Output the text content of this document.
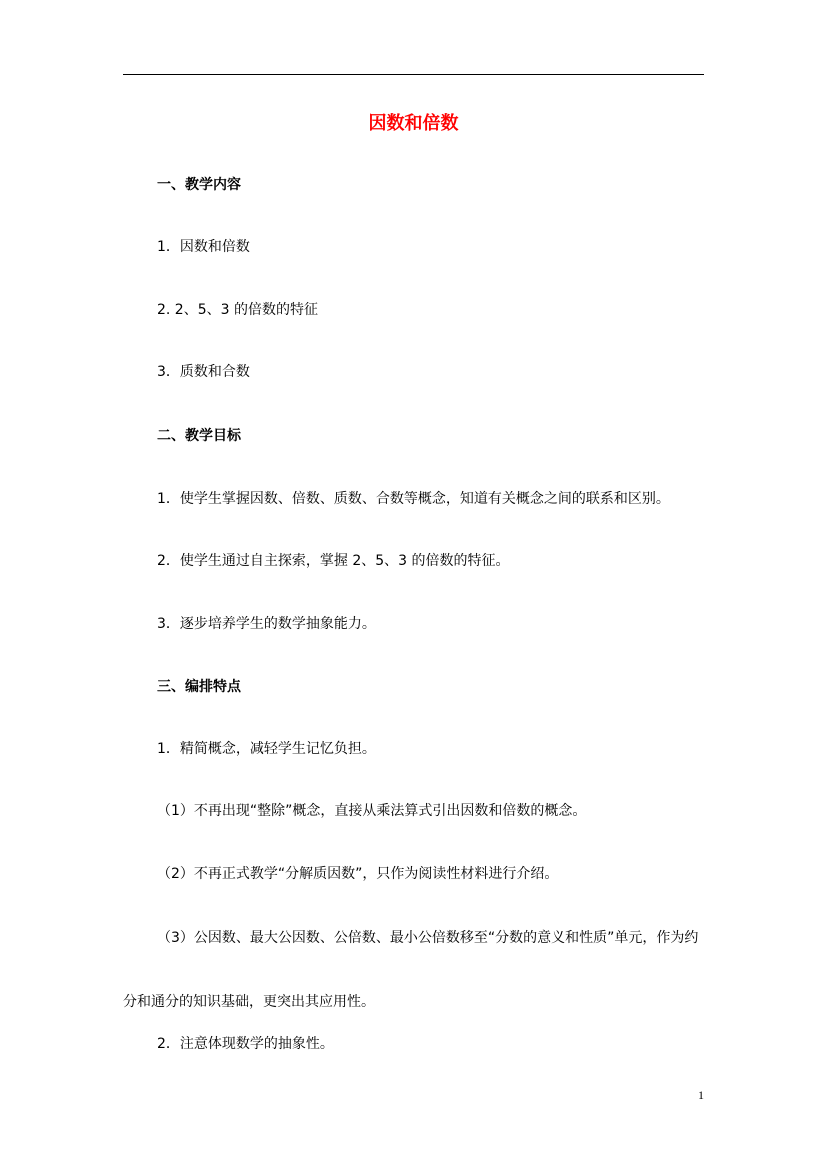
因数和倍数
一、教学内容
1．因数和倍数
2. 2、5、3 的倍数的特征
3．质数和合数
二、教学目标
1．使学生掌握因数、倍数、质数、合数等概念，知道有关概念之间的联系和区别。
2．使学生通过自主探索，掌握 2、5、3 的倍数的特征。
3．逐步培养学生的数学抽象能力。
三、编排特点
1．精简概念，减轻学生记忆负担。
（1）不再出现“整除”概念，直接从乘法算式引出因数和倍数的概念。
（2）不再正式教学“分解质因数”，只作为阅读性材料进行介绍。
（3）公因数、最大公因数、公倍数、最小公倍数移至“分数的意义和性质”单元，作为约分和通分的知识基础，更突出其应用性。
2．注意体现数学的抽象性。
1
